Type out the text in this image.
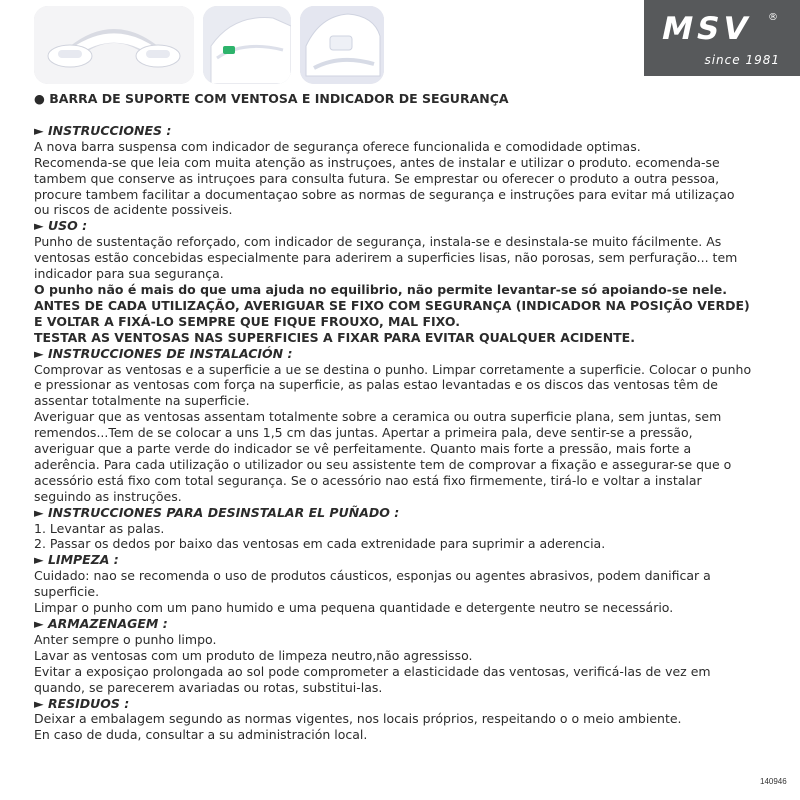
MSV ®
since 1981
● BARRA DE SUPORTE COM VENTOSA E INDICADOR DE SEGURANÇA
► INSTRUCCIONES :

A nova barra suspensa com indicador de segurança oferece funcionalida e comodidade optimas.

Recomenda-se que leia com muita atenção as instruçoes, antes de instalar e utilizar o produto. ecomenda-se tambem que conserve as intruçoes para consulta futura. Se emprestar ou oferecer o produto a outra pessoa, procure tambem facilitar a documentaçao sobre as normas de segurança e instruções para evitar má utilizaçao ou riscos de acidente possiveis.

► USO :

Punho de sustentação reforçado, com indicador de segurança, instala-se e desinstala-se muito fácilmente. As ventosas estão concebidas especialmente para aderirem a superficies lisas, não porosas, sem perfuração... tem indicador para sua segurança.

O punho não é mais do que uma ajuda no equilibrio, não permite levantar-se só apoiando-se nele.

ANTES DE CADA UTILIZAÇÃO, AVERIGUAR SE FIXO COM SEGURANÇA (INDICADOR NA POSIÇÃO VERDE) E VOLTAR A FIXÁ-LO SEMPRE QUE FIQUE FROUXO, MAL FIXO.

TESTAR AS VENTOSAS NAS SUPERFICIES A FIXAR PARA EVITAR QUALQUER ACIDENTE.

► INSTRUCCIONES DE INSTALACIÓN :

Comprovar as ventosas e a superficie a ue se destina o punho. Limpar corretamente a superficie. Colocar o punho e pressionar as ventosas com força na superficie, as palas estao levantadas e os discos das ventosas têm de assentar totalmente na superficie.

Averiguar que as ventosas assentam totalmente sobre a ceramica ou outra superficie plana, sem juntas, sem remendos...Tem de se colocar a uns 1,5 cm das juntas. Apertar a primeira pala, deve sentir-se a pressão, averiguar que a parte verde do indicador se vê perfeitamente. Quanto mais forte a pressão, mais forte a aderência. Para cada utilização o utilizador ou seu assistente tem de comprovar a fixação e assegurar-se que o acessório está fixo com total segurança. Se o acessório nao está fixo firmemente, tirá-lo e voltar a instalar seguindo as instruções.

► INSTRUCCIONES PARA DESINSTALAR EL PUÑADO :

1. Levantar as palas.

2. Passar os dedos por baixo das ventosas em cada extrenidade para suprimir a aderencia.

► LIMPEZA :

Cuidado: nao se recomenda o uso de produtos cáusticos, esponjas ou agentes abrasivos, podem danificar a superficie.

Limpar o punho com um pano humido e uma pequena quantidade e detergente neutro se necessário.

► ARMAZENAGEM :

Anter sempre o punho limpo.

Lavar as ventosas com um produto de limpeza neutro,não agressisso.

Evitar a exposiçao prolongada ao sol pode comprometer a elasticidade das ventosas, verificá-las de vez em quando, se parecerem avariadas ou rotas, substitui-las.

► RESIDUOS :

Deixar a embalagem segundo as normas vigentes, nos locais próprios, respeitando o o meio ambiente.

En caso de duda, consultar a su administración local.

140946
